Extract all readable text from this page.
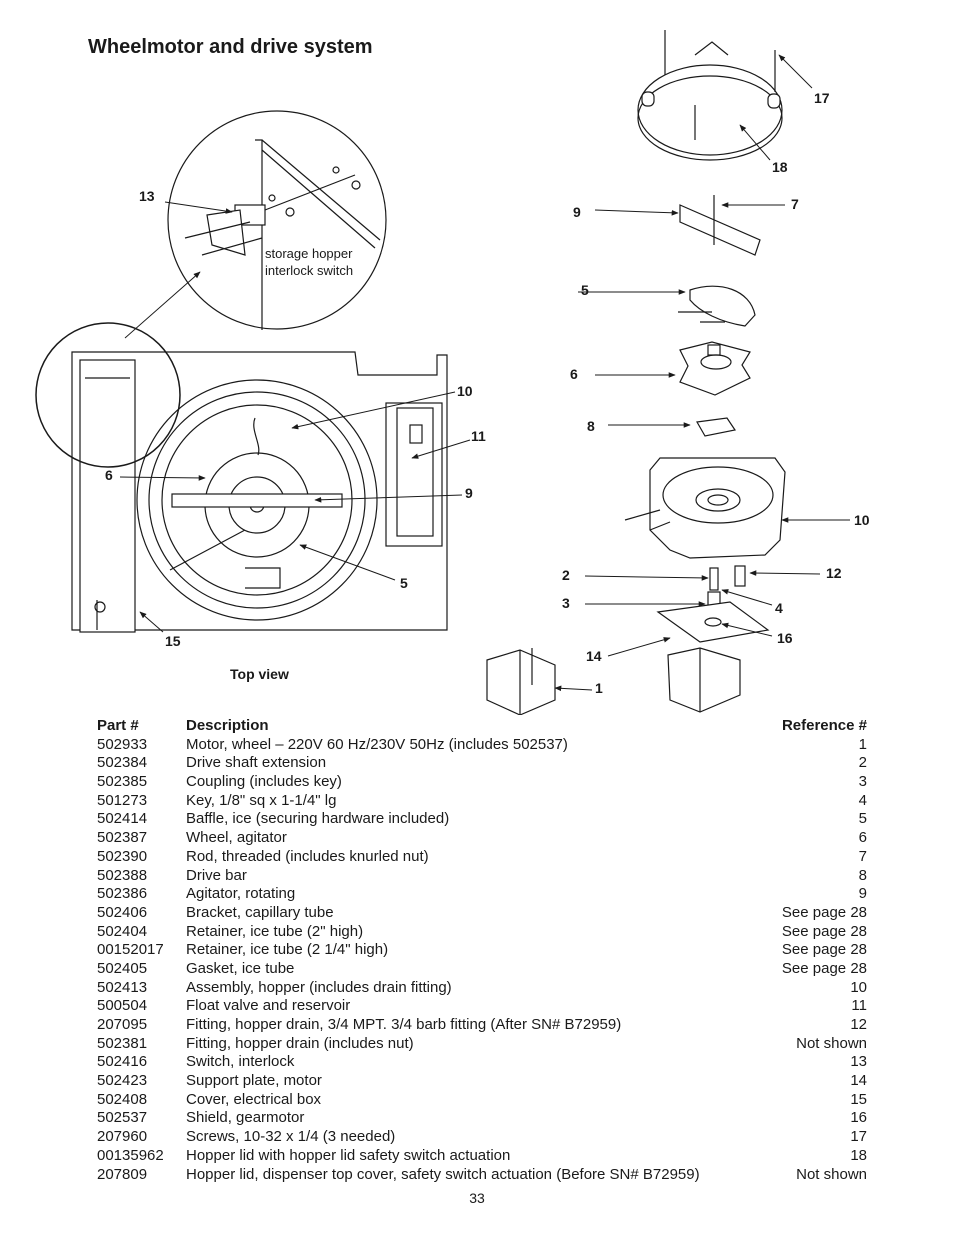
Wheelmotor and drive system
13
10
11
6
9
5
15
17
18
9	7
5
6
8
10
2	12
3	4
16
14
1
storage hopper
interlock switch
Top view
Part #	Description	Reference #
502933	Motor, wheel – 220V 60 Hz/230V 50Hz (includes 502537)	1
502384	Drive shaft extension	2
502385	Coupling (includes key)	3
501273	Key, 1/8" sq x 1-1/4" lg	4
502414	Baffle, ice (securing hardware included)	5
502387	Wheel, agitator	6
502390	Rod, threaded (includes knurled nut)	7
502388	Drive bar	8
502386	Agitator, rotating	9
502406	Bracket, capillary tube	See page 28
502404	Retainer, ice tube (2" high)	See page 28
00152017	Retainer, ice tube (2 1/4" high)	See page 28
502405	Gasket, ice tube	See page 28
502413	Assembly, hopper (includes drain fitting)	10
500504	Float valve and reservoir	11
207095	Fitting, hopper drain, 3/4 MPT. 3/4 barb fitting (After SN# B72959)	12
502381	Fitting, hopper drain (includes nut)	Not shown
502416	Switch, interlock	13
502423	Support plate, motor	14
502408	Cover, electrical box	15
502537	Shield, gearmotor	16
207960	Screws, 10-32 x 1/4 (3 needed)	17
00135962	Hopper lid with hopper lid safety switch actuation	18
207809	Hopper lid, dispenser top cover, safety switch actuation (Before SN# B72959)	Not shown
33
